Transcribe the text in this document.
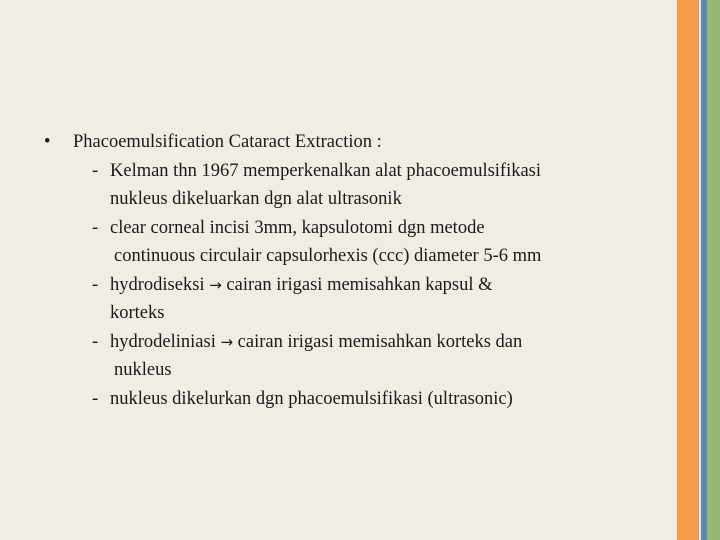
• Phacoemulsification Cataract Extraction :
- Kelman thn 1967 memperkenalkan alat phacoemulsifikasi
nukleus dikeluarkan dgn alat ultrasonik
- clear corneal incisi 3mm, kapsulotomi dgn metode
continuous circulair capsulorhexis (ccc) diameter 5-6 mm
- hydrodiseksi → cairan irigasi memisahkan kapsul &
korteks
- hydrodeliniasi → cairan irigasi memisahkan korteks dan
nukleus
- nukleus dikelurkan dgn phacoemulsifikasi (ultrasonic)
